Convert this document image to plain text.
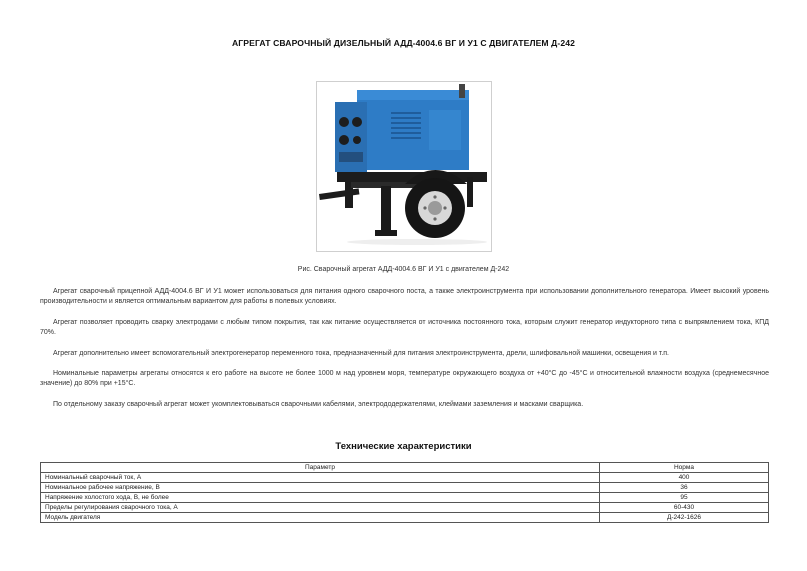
АГРЕГАТ СВАРОЧНЫЙ ДИЗЕЛЬНЫЙ АДД-4004.6 ВГ И У1 С ДВИГАТЕЛЕМ Д-242
Рис. Сварочный агрегат АДД-4004.6 ВГ И У1 с двигателем Д-242

Агрегат сварочный прицепной АДД-4004.6 ВГ И У1 может использоваться для питания одного сварочного поста, а также электроинструмента при использовании дополнительного генератора. Имеет высокий уровень производительности и является оптимальным вариантом для работы в полевых условиях.

Агрегат позволяет проводить сварку электродами с любым типом покрытия, так как питание осуществляется от источника постоянного тока, которым служит генератор индукторного типа с выпрямлением тока, КПД 70%.

Агрегат дополнительно имеет вспомогательный электрогенератор переменного тока, предназначенный для питания электроинструмента, дрели, шлифовальной машинки, освещения и т.п.

Номинальные параметры агрегаты относятся к его работе на высоте не более 1000 м над уровнем моря, температуре окружающего воздуха от +40°С до -45°С и относительной влажности воздуха (среднемесячное значение) до 80% при +15°С.

По отдельному заказу сварочный агрегат может укомплектовываться сварочными кабелями, электрододержателями, клеймами заземления и масками сварщика.

Технические характеристики
Параметр	Норма
Номинальный сварочный ток, А	400
Номинальное рабочее напряжение, В	36
Напряжение холостого хода, В, не более	95
Пределы регулирования сварочного тока, А	60-430
Модель двигателя	Д-242-1626
